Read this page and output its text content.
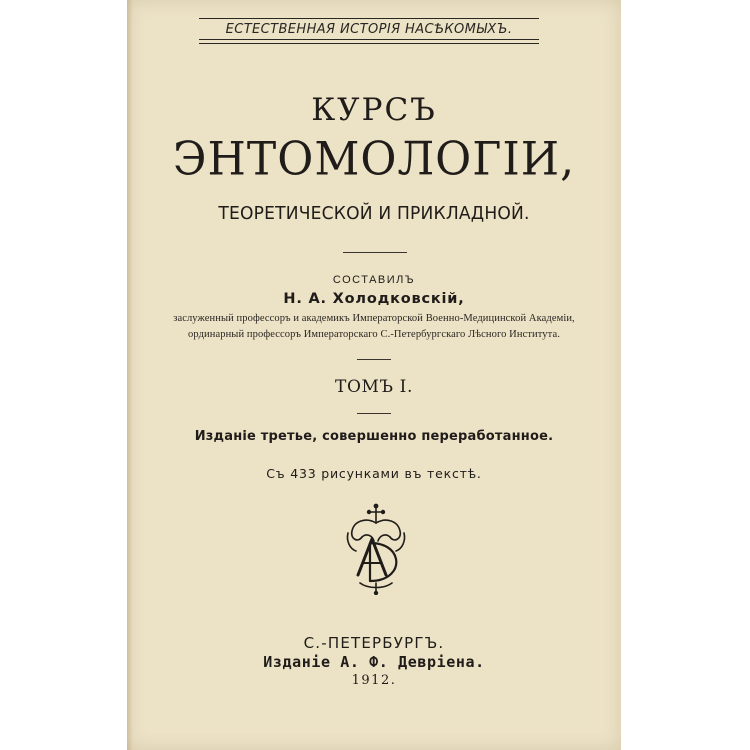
ЕСТЕСТВЕННАЯ ИСТОРІЯ НАСѢКОМЫХЪ.
КУРСЪ
ЭНТОМОЛОГІИ,
ТЕОРЕТИЧЕСКОЙ И ПРИКЛАДНОЙ.
СОСТАВИЛЪ
Н. А. Холодковскій,
заслуженный профессоръ и академикъ Императорской Военно-Медицинской Академіи,
ординарный профессоръ Императорскаго С.-Петербургскаго Лѣсного Института.
ТОМЪ I.
Изданіе третье, совершенно переработанное.
Съ 433 рисунками въ текстѣ.
С.-ПЕТЕРБУРГЪ.
Изданіе А. Ф. Девріена.
1912.
